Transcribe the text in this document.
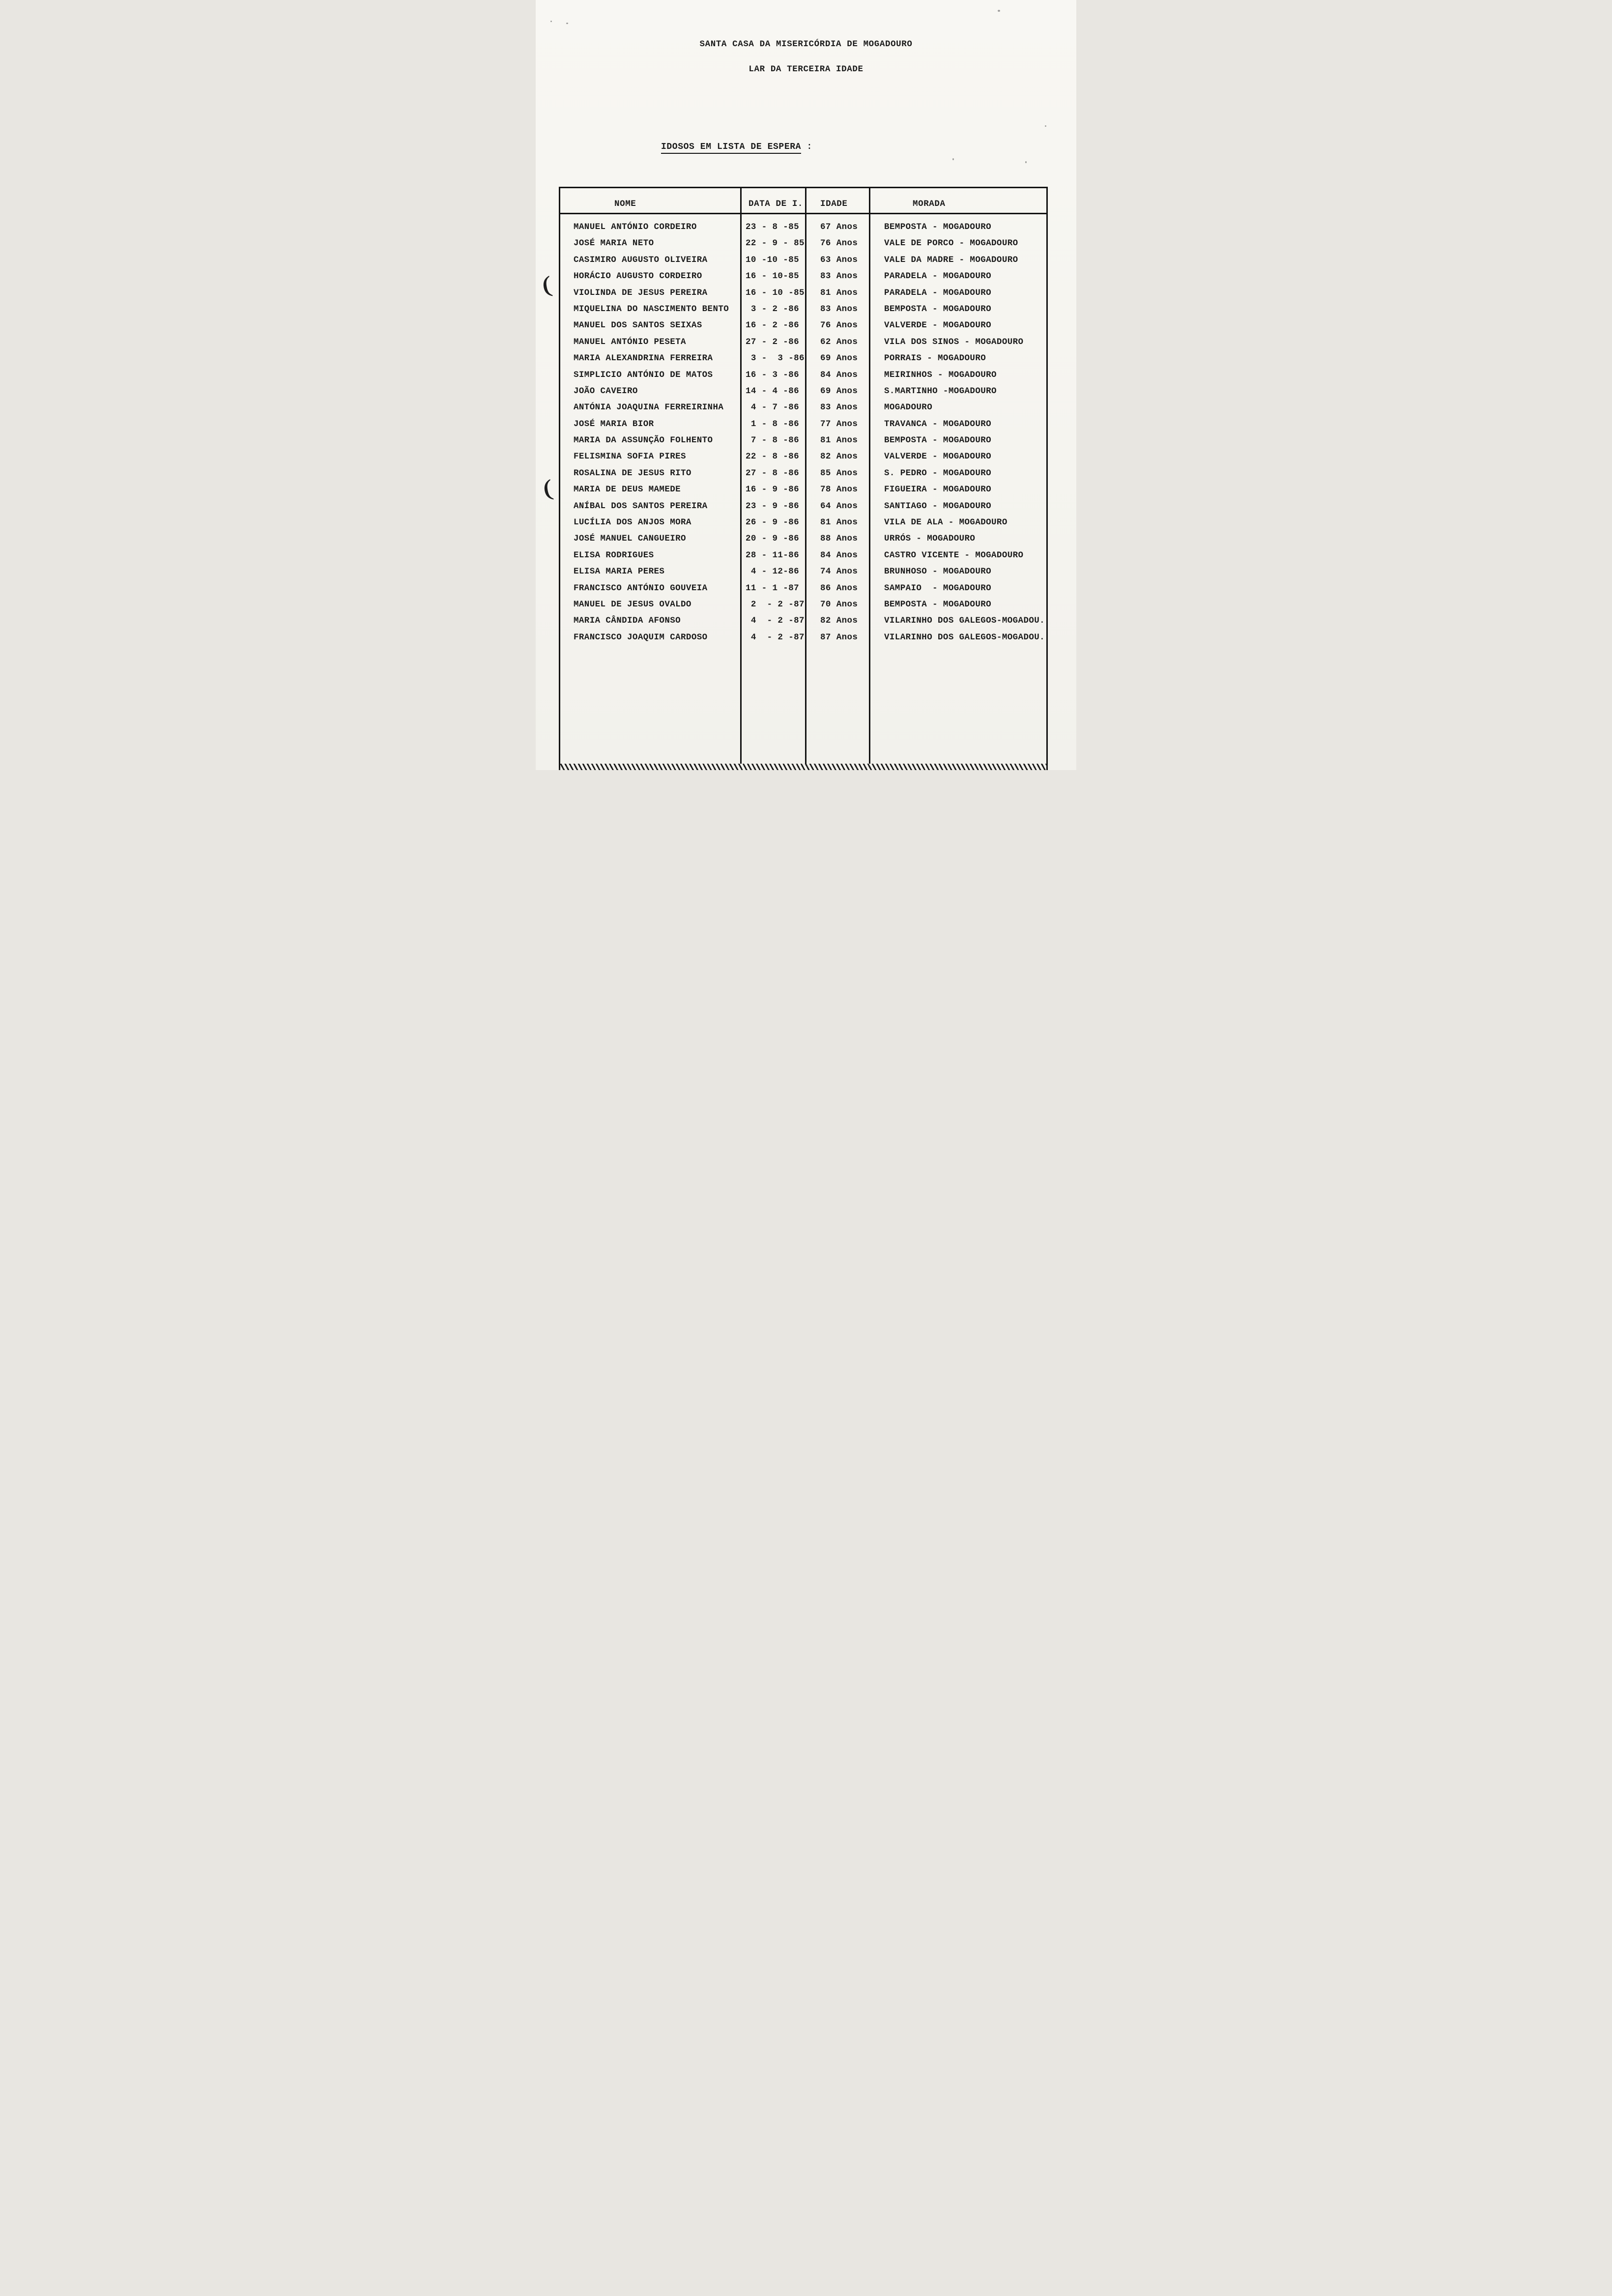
SANTA CASA DA MISERICÓRDIA DE MOGADOURO
LAR DA TERCEIRA IDADE
IDOSOS EM LISTA DE ESPERA :
NOME	DATA DE I.	IDADE	MORADA
MANUEL ANTÓNIO CORDEIRO	23 - 8 -85	67 Anos	BEMPOSTA - MOGADOURO
JOSÉ MARIA NETO	22 - 9 - 85	76 Anos	VALE DE PORCO - MOGADOURO
CASIMIRO AUGUSTO OLIVEIRA	10 -10 -85	63 Anos	VALE DA MADRE - MOGADOURO
HORÁCIO AUGUSTO CORDEIRO	16 - 10-85	83 Anos	PARADELA - MOGADOURO
VIOLINDA DE JESUS PEREIRA	16 - 10 -85	81 Anos	PARADELA - MOGADOURO
MIQUELINA DO NASCIMENTO BENTO	3 - 2 -86	83 Anos	BEMPOSTA - MOGADOURO
MANUEL DOS SANTOS SEIXAS	16 - 2 -86	76 Anos	VALVERDE - MOGADOURO
MANUEL ANTÓNIO PESETA	27 - 2 -86	62 Anos	VILA DOS SINOS - MOGADOURO
MARIA ALEXANDRINA FERREIRA	3 -  3 -86	69 Anos	PORRAIS - MOGADOURO
SIMPLICIO ANTÓNIO DE MATOS	16 - 3 -86	84 Anos	MEIRINHOS - MOGADOURO
JOÃO CAVEIRO	14 - 4 -86	69 Anos	S.MARTINHO -MOGADOURO
ANTÓNIA JOAQUINA FERREIRINHA	4 - 7 -86	83 Anos	MOGADOURO
JOSÉ MARIA BIOR	1 - 8 -86	77 Anos	TRAVANCA - MOGADOURO
MARIA DA ASSUNÇÃO FOLHENTO	7 - 8 -86	81 Anos	BEMPOSTA - MOGADOURO
FELISMINA SOFIA PIRES	22 - 8 -86	82 Anos	VALVERDE - MOGADOURO
ROSALINA DE JESUS RITO	27 - 8 -86	85 Anos	S. PEDRO - MOGADOURO
MARIA DE DEUS MAMEDE	16 - 9 -86	78 Anos	FIGUEIRA - MOGADOURO
ANÍBAL DOS SANTOS PEREIRA	23 - 9 -86	64 Anos	SANTIAGO - MOGADOURO
LUCÍLIA DOS ANJOS MORA	26 - 9 -86	81 Anos	VILA DE ALA - MOGADOURO
JOSÉ MANUEL CANGUEIRO	20 - 9 -86	88 Anos	URRÓS - MOGADOURO
ELISA RODRIGUES	28 - 11-86	84 Anos	CASTRO VICENTE - MOGADOURO
ELISA MARIA PERES	4 - 12-86	74 Anos	BRUNHOSO - MOGADOURO
FRANCISCO ANTÓNIO GOUVEIA	11 - 1 -87	86 Anos	SAMPAIO  - MOGADOURO
MANUEL DE JESUS OVALDO	2  - 2 -87	70 Anos	BEMPOSTA - MOGADOURO
MARIA CÂNDIDA AFONSO	4  - 2 -87	82 Anos	VILARINHO DOS GALEGOS-MOGADOU.
FRANCISCO JOAQUIM CARDOSO	4  - 2 -87	87 Anos	VILARINHO DOS GALEGOS-MOGADOU.
(
(
